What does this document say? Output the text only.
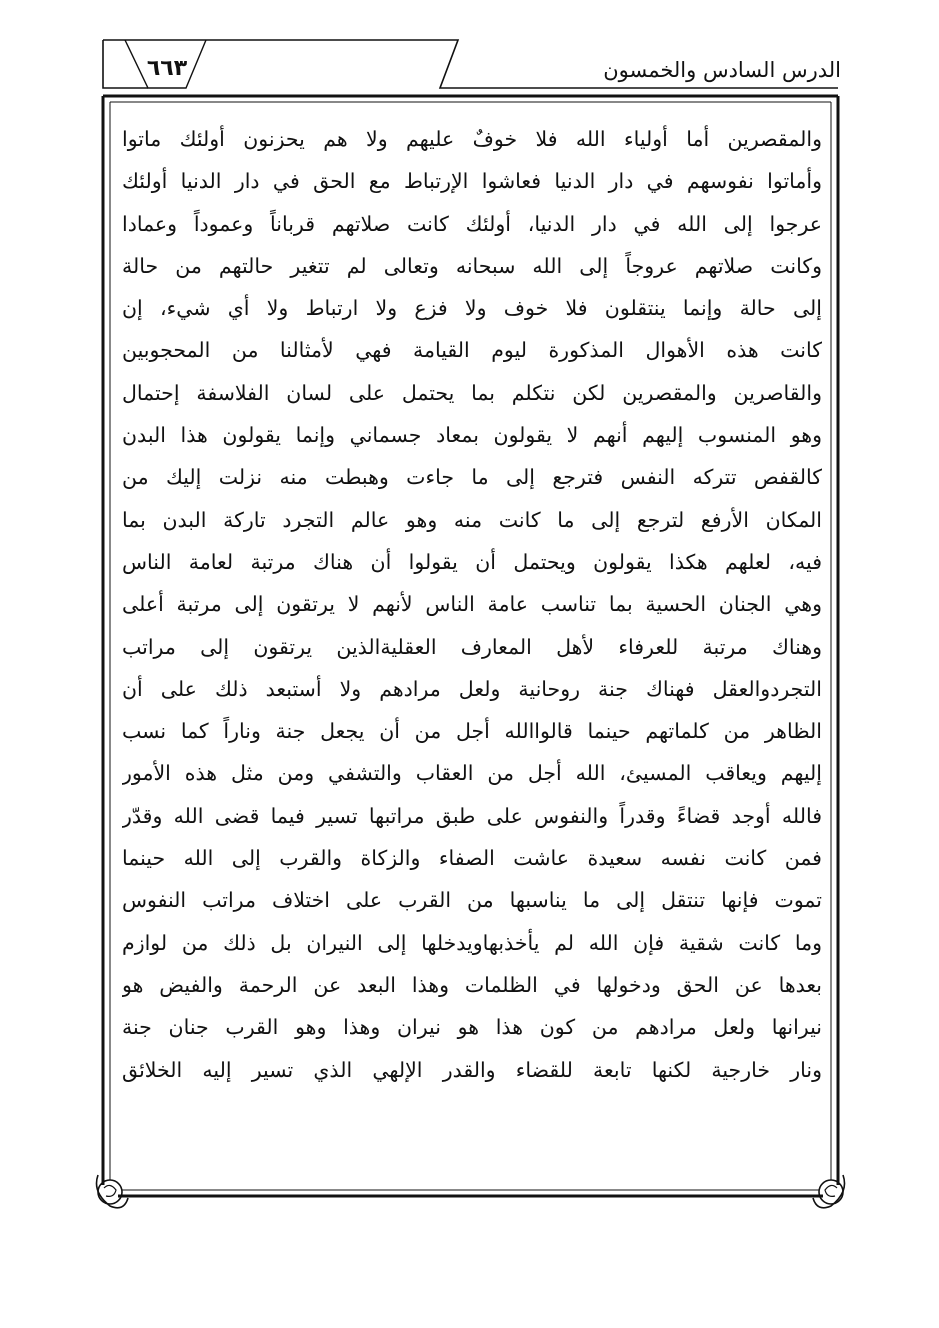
الدرس السادس والخمسون
٦٦٣
والمقصرين أما أولياء الله فلا خوفٌ عليهم ولا هم يحزنون أولئك ماتوا
وأماتوا نفوسهم في دار الدنيا فعاشوا الإرتباط مع الحق في دار الدنيا أولئك
عرجوا إلى الله في دار الدنيا، أولئك كانت صلاتهم قرباناً وعموداً وعمادا
وكانت صلاتهم عروجاً إلى الله سبحانه وتعالى لم تتغير حالتهم من حالة
إلى حالة وإنما ينتقلون فلا خوف ولا فزع ولا ارتباط ولا أي شيء، إن
كانت هذه الأهوال المذكورة ليوم القيامة فهي لأمثالنا من المحجوبين
والقاصرين والمقصرين لكن نتكلم بما يحتمل على لسان الفلاسفة إحتمال
وهو المنسوب إليهم أنهم لا يقولون بمعاد جسماني وإنما يقولون هذا البدن
كالقفص تتركه النفس فترجع إلى ما جاءت وهبطت منه نزلت إليك من
المكان الأرفع لترجع إلى ما كانت منه وهو عالم التجرد تاركة البدن بما
فيه، لعلهم هكذا يقولون ويحتمل أن يقولوا أن هناك مرتبة لعامة الناس
وهي الجنان الحسية بما تناسب عامة الناس لأنهم لا يرتقون إلى مرتبة أعلى
وهناك مرتبة للعرفاء لأهل المعارف العقليةالذين يرتقون إلى مراتب
التجردوالعقل فهناك جنة روحانية ولعل مرادهم ولا أستبعد ذلك على أن
الظاهر من كلماتهم حينما قالواالله أجل من أن يجعل جنة وناراً كما نسب
إليهم ويعاقب المسيئ، الله أجل من العقاب والتشفي ومن مثل هذه الأمور
فالله أوجد قضاءً وقدراً والنفوس على طبق مراتبها تسير فيما قضى الله وقدّر
فمن كانت نفسه سعيدة عاشت الصفاء والزكاة والقرب إلى الله حينما
تموت فإنها تنتقل إلى ما يناسبها من القرب على اختلاف مراتب النفوس
وما كانت شقية فإن الله لم يأخذبهاويدخلها إلى النيران بل ذلك من لوازم
بعدها عن الحق ودخولها في الظلمات وهذا البعد عن الرحمة والفيض هو
نيرانها ولعل مرادهم من كون هذا هو نيران وهذا وهو القرب جنان جنة
ونار خارجية لكنها تابعة للقضاء والقدر الإلهي الذي تسير إليه الخلائق
